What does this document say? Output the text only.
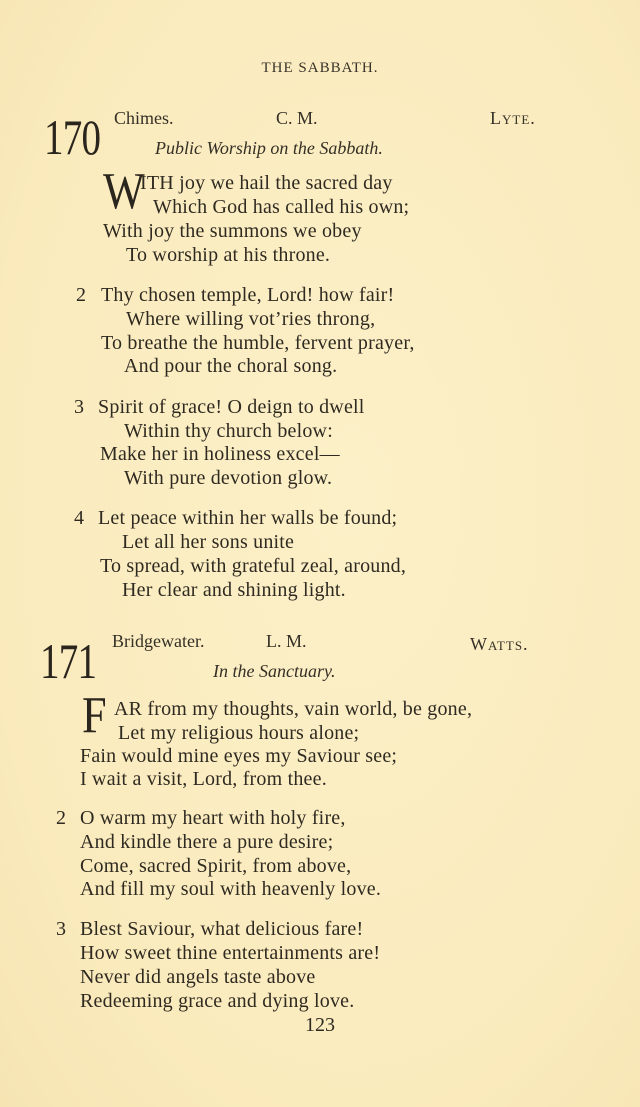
THE SABBATH.
170 Chimes.	C. M.	Lyte.
Public Worship on the Sabbath.
W
ITH joy we hail the sacred day
Which God has called his own;
With joy the summons we obey
To worship at his throne.
2 Thy chosen temple, Lord! how fair!
Where willing vot’ries throng,
To breathe the humble, fervent prayer,
And pour the choral song.
3 Spirit of grace! O deign to dwell
Within thy church below:
Make her in holiness excel—
With pure devotion glow.
4 Let peace within her walls be found;
Let all her sons unite
To spread, with grateful zeal, around,
Her clear and shining light.
171 Bridgewater.	L. M.	Watts.
In the Sanctuary.
F AR from my thoughts, vain world, be gone,
Let my religious hours alone;
Fain would mine eyes my Saviour see;
I wait a visit, Lord, from thee.
2 O warm my heart with holy fire,
And kindle there a pure desire;
Come, sacred Spirit, from above,
And fill my soul with heavenly love.
3 Blest Saviour, what delicious fare!
How sweet thine entertainments are!
Never did angels taste above
Redeeming grace and dying love.
123
